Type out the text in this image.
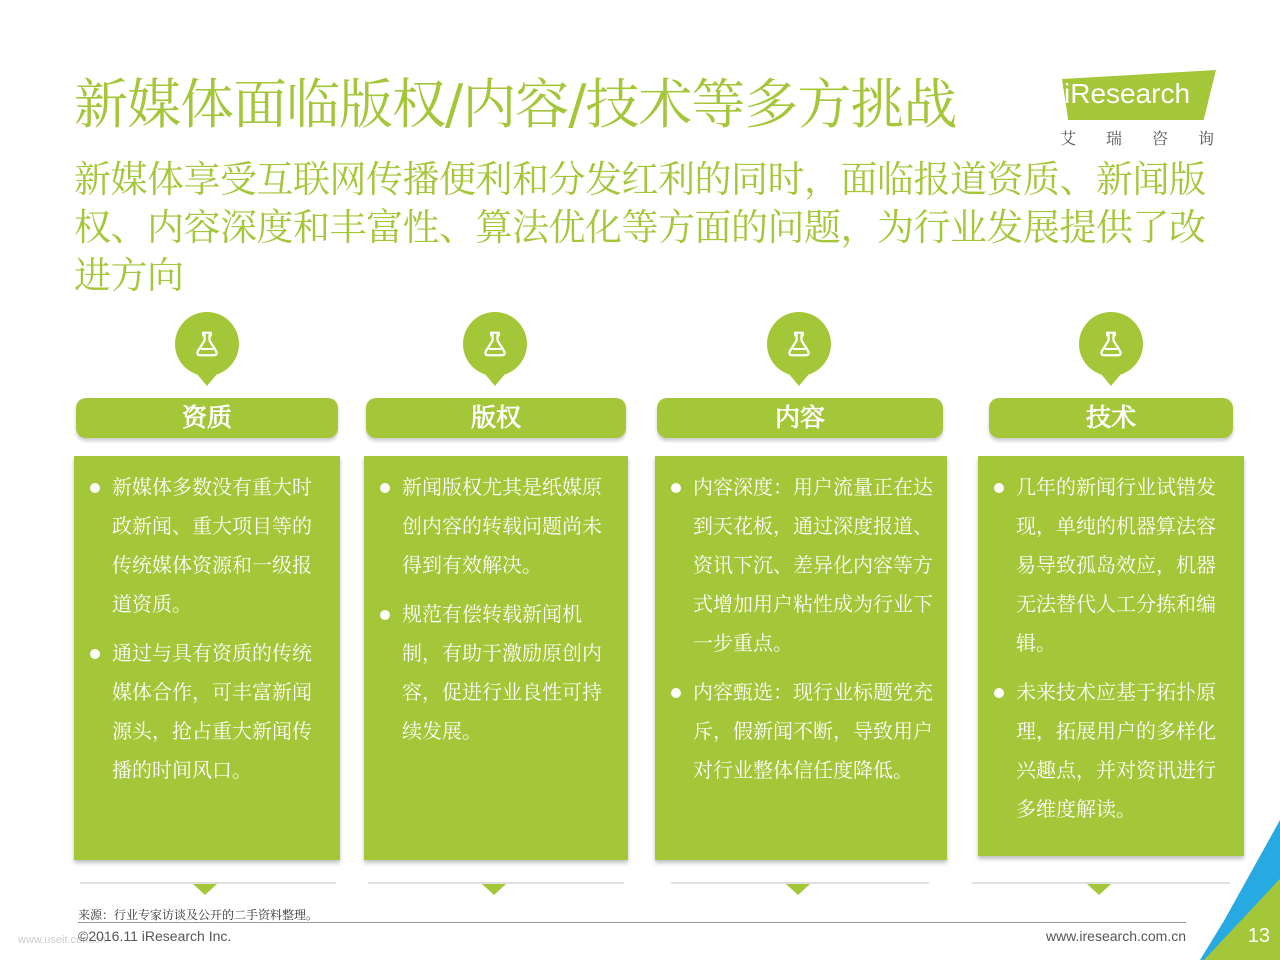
新媒体面临版权/内容/技术等多方挑战	iResearch
艾瑞咨询
新媒体享受互联网传播便利和分发红利的同时，面临报道资质、新闻版权、内容深度和丰富性、算法优化等方面的问题，为行业发展提供了改进方向
资质
新媒体多数没有重大时政新闻、重大项目等的传统媒体资源和一级报道资质。
通过与具有资质的传统媒体合作，可丰富新闻源头，抢占重大新闻传播的时间风口。
版权
新闻版权尤其是纸媒原创内容的转载问题尚未得到有效解决。
规范有偿转载新闻机制，有助于激励原创内容，促进行业良性可持续发展。
内容
内容深度：用户流量正在达到天花板，通过深度报道、资讯下沉、差异化内容等方式增加用户粘性成为行业下一步重点。
内容甄选：现行业标题党充斥，假新闻不断，导致用户对行业整体信任度降低。
技术
几年的新闻行业试错发现，单纯的机器算法容易导致孤岛效应，机器无法替代人工分拣和编辑。
未来技术应基于拓扑原理，拓展用户的多样化兴趣点，并对资讯进行多维度解读。
来源：行业专家访谈及公开的二手资料整理。
www.useit.com.cn
©2016.11 iResearch Inc.	www.iresearch.com.cn	13
